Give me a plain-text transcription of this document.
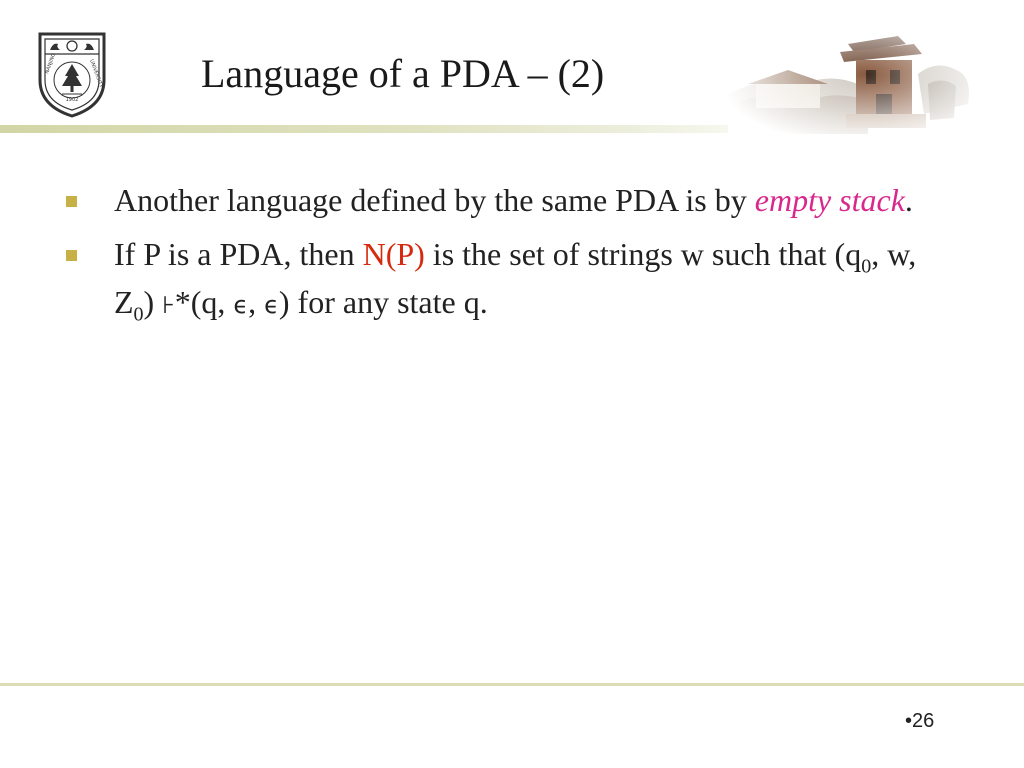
1902
NANJING	UNIVERSITY Language of a PDA – (2)
Another language defined by the same PDA is by empty stack.
If P is a PDA, then N(P) is the set of strings w such that ($q_0$, w, $Z_0$) ⊦*(q, ϵ, ϵ) for any state q.
•26
